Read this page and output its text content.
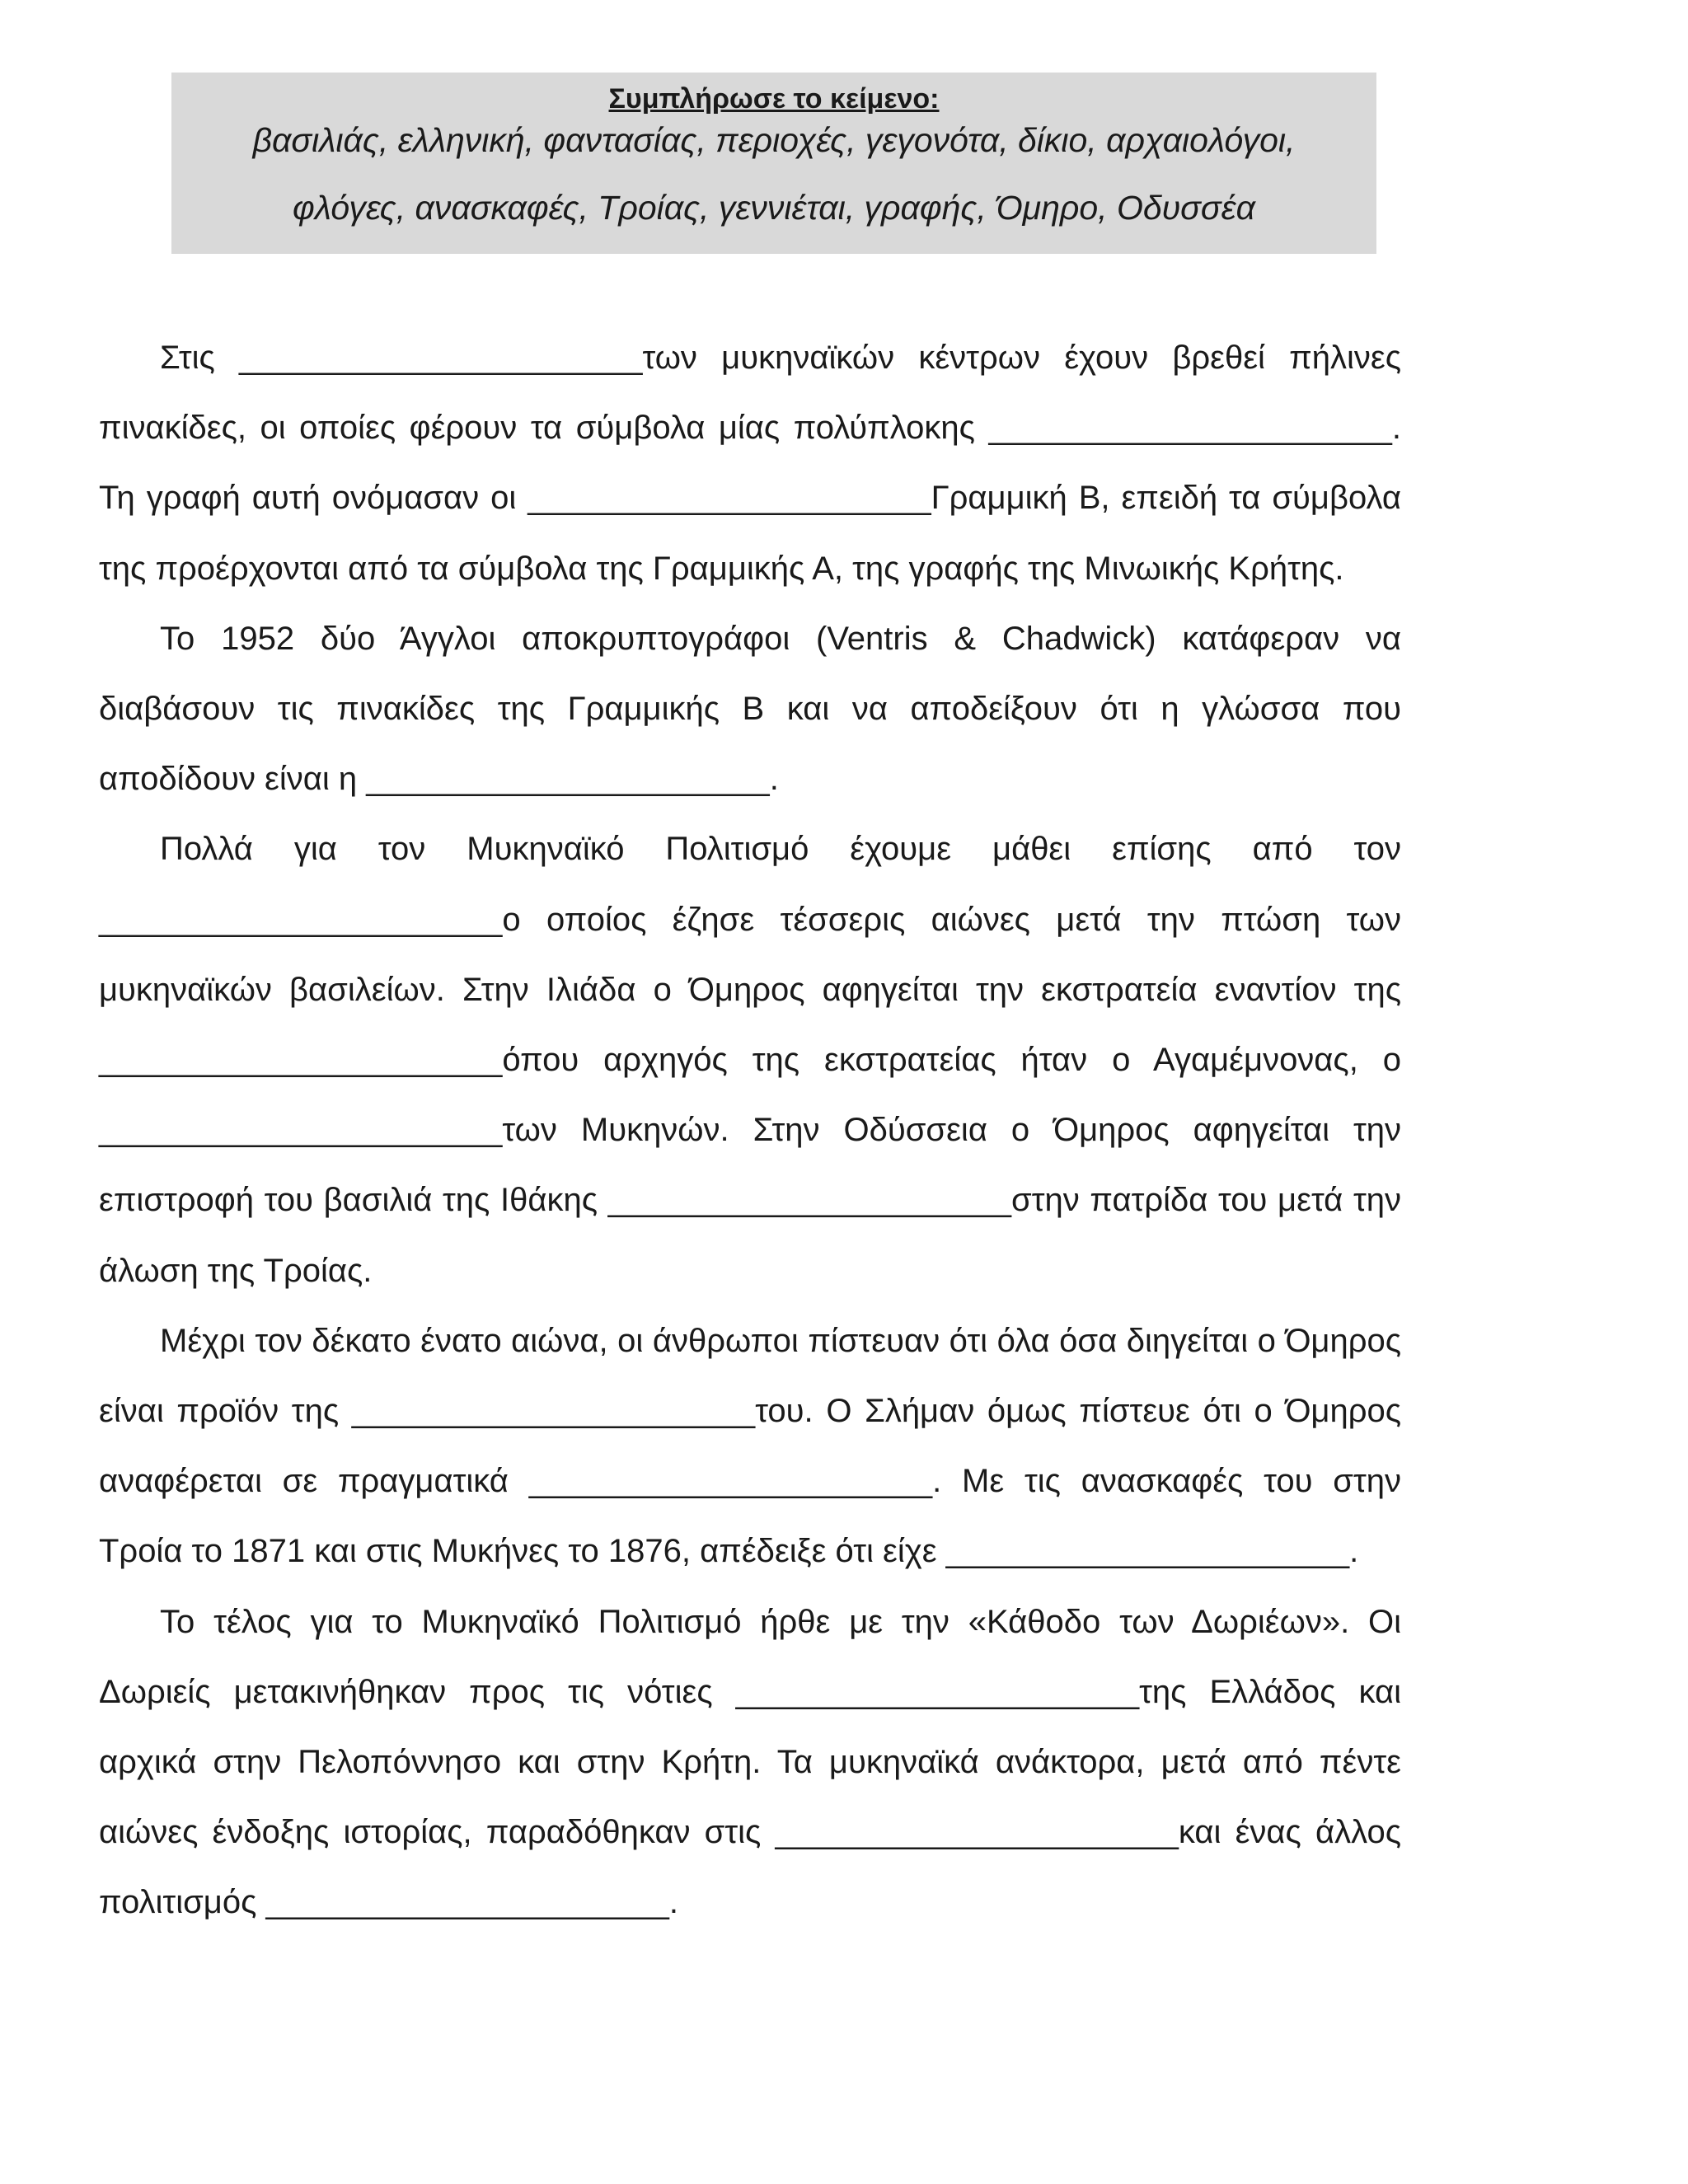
Συμπλήρωσε το κείμενο:
βασιλιάς, ελληνική, φαντασίας, περιοχές, γεγονότα, δίκιο, αρχαιολόγοι,
φλόγες, ανασκαφές, Τροίας, γεννιέται, γραφής, Όμηρο, Οδυσσέα

Στις ______________________των μυκηναϊκών κέντρων έχουν βρεθεί πήλινες πινακίδες, οι οποίες φέρουν τα σύμβολα μίας πολύπλοκης ______________________. Τη γραφή αυτή ονόμασαν οι ______________________Γραμμική Β, επειδή τα σύμβολα της προέρχονται από τα σύμβολα της Γραμμικής Α, της γραφής της Μινωικής Κρήτης.

Το 1952 δύο Άγγλοι αποκρυπτογράφοι (Ventris & Chadwick) κατάφεραν να διαβάσουν τις πινακίδες της Γραμμικής Β και να αποδείξουν ότι η γλώσσα που αποδίδουν είναι η ______________________.

Πολλά για τον Μυκηναϊκό Πολιτισμό έχουμε μάθει επίσης από τον ______________________ο οποίος έζησε τέσσερις αιώνες μετά την πτώση των μυκηναϊκών βασιλείων. Στην Ιλιάδα ο Όμηρος αφηγείται την εκστρατεία εναντίον της ______________________όπου αρχηγός της εκστρατείας ήταν ο Αγαμέμνονας, ο ______________________των Μυκηνών. Στην Οδύσσεια ο Όμηρος αφηγείται την επιστροφή του βασιλιά της Ιθάκης ______________________στην πατρίδα του μετά την άλωση της Τροίας.

Μέχρι τον δέκατο ένατο αιώνα, οι άνθρωποι πίστευαν ότι όλα όσα διηγείται ο Όμηρος είναι προϊόν της ______________________του. Ο Σλήμαν όμως πίστευε ότι ο Όμηρος αναφέρεται σε πραγματικά ______________________. Με τις ανασκαφές του στην Τροία το 1871 και στις Μυκήνες το 1876, απέδειξε ότι είχε ______________________.

Το τέλος για το Μυκηναϊκό Πολιτισμό ήρθε με την «Κάθοδο των Δωριέων». Οι Δωριείς μετακινήθηκαν προς τις νότιες ______________________της Ελλάδος και αρχικά στην Πελοπόννησο και στην Κρήτη. Τα μυκηναϊκά ανάκτορα, μετά από πέντε αιώνες ένδοξης ιστορίας, παραδόθηκαν στις ______________________και ένας άλλος πολιτισμός ______________________.
